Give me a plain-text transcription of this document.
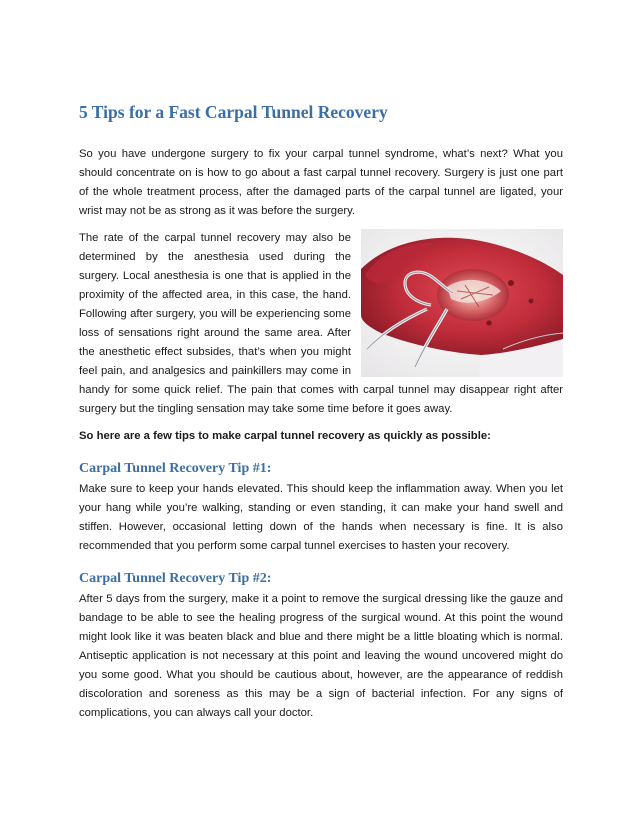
5 Tips for a Fast Carpal Tunnel Recovery

So you have undergone surgery to fix your carpal tunnel syndrome, what’s next? What you should concentrate on is how to go about a fast carpal tunnel recovery. Surgery is just one part of the whole treatment process, after the damaged parts of the carpal tunnel are ligated, your wrist may not be as strong as it was before the surgery.

The rate of the carpal tunnel recovery may also be determined by the anesthesia used during the surgery. Local anesthesia is one that is applied in the proximity of the affected area, in this case, the hand. Following after surgery, you will be experiencing some loss of sensations right around the same area. After the anesthetic effect subsides, that’s when you might feel pain, and analgesics and painkillers may come in handy for some quick relief. The pain that comes with carpal tunnel may disappear right after surgery but the tingling sensation may take some time before it goes away.

So here are a few tips to make carpal tunnel recovery as quickly as possible:

Carpal Tunnel Recovery Tip #1:

Make sure to keep your hands elevated. This should keep the inflammation away. When you let your hang while you’re walking, standing or even standing, it can make your hand swell and stiffen. However, occasional letting down of the hands when necessary is fine. It is also recommended that you perform some carpal tunnel exercises to hasten your recovery.

Carpal Tunnel Recovery Tip #2:

After 5 days from the surgery, make it a point to remove the surgical dressing like the gauze and bandage to be able to see the healing progress of the surgical wound. At this point the wound might look like it was beaten black and blue and there might be a little bloating which is normal. Antiseptic application is not necessary at this point and leaving the wound uncovered might do you some good. What you should be cautious about, however, are the appearance of reddish discoloration and soreness as this may be a sign of bacterial infection. For any signs of complications, you can always call your doctor.
